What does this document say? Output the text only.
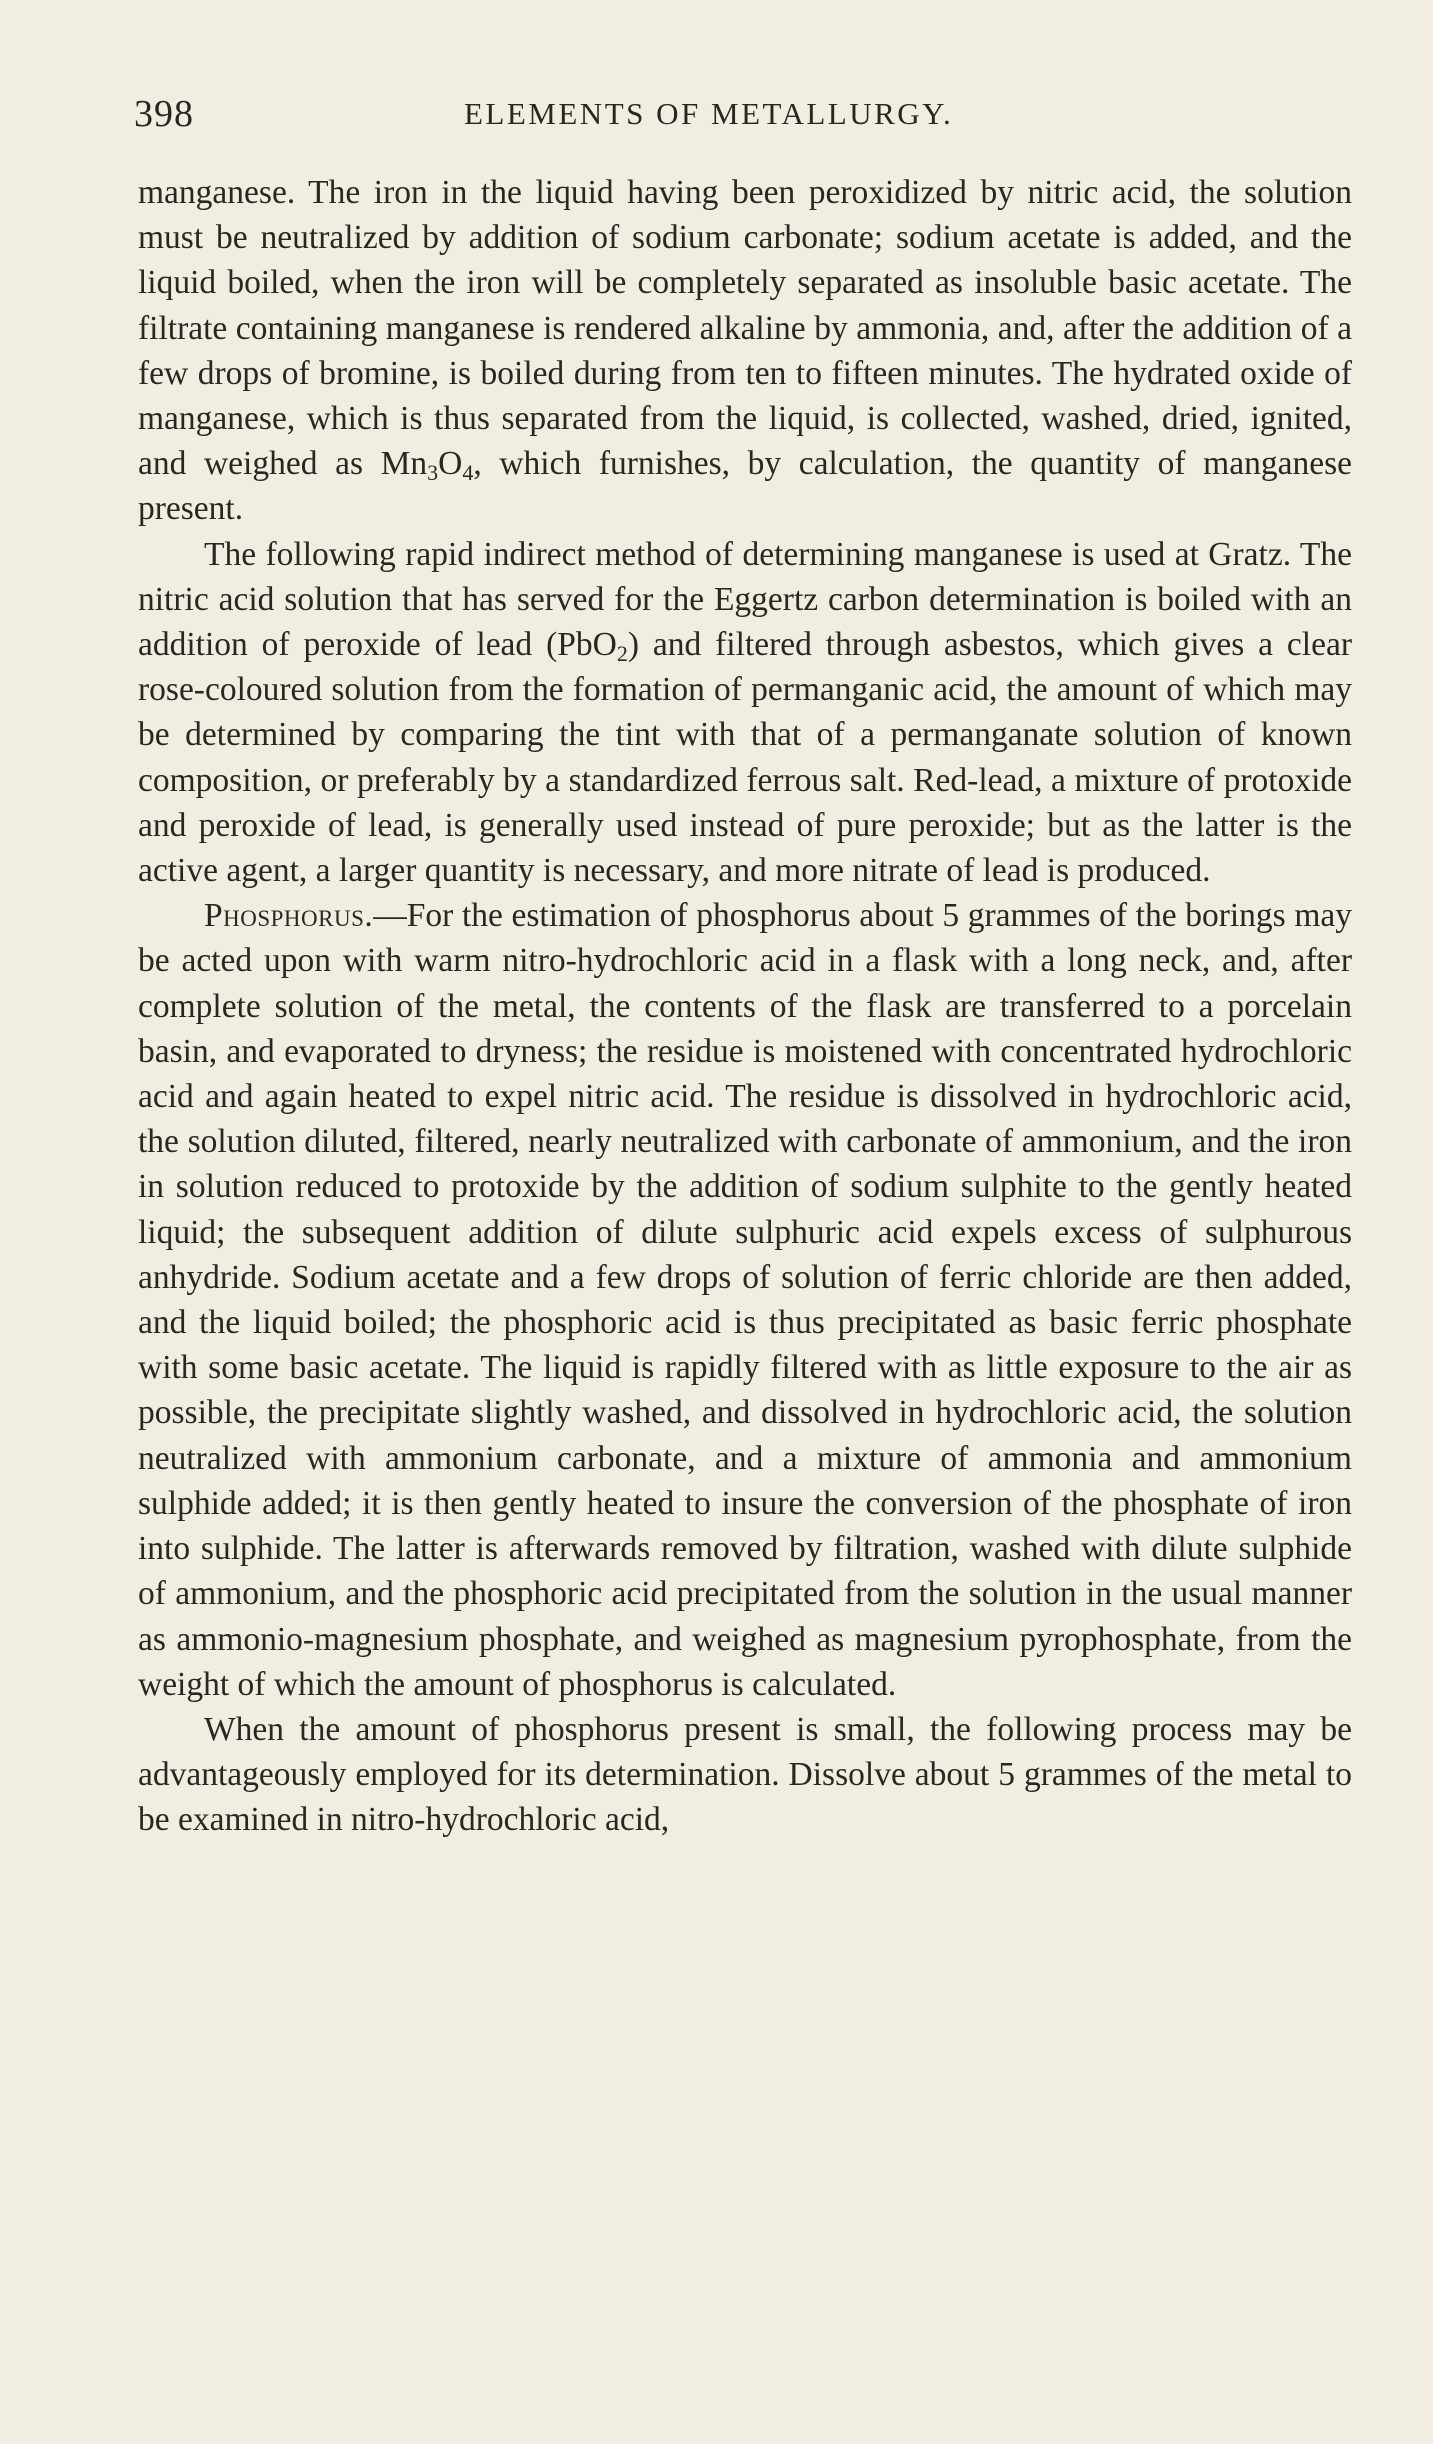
398	ELEMENTS OF METALLURGY.

manganese. The iron in the liquid having been peroxidized by nitric acid, the solution must be neutralized by addition of sodium carbonate; sodium acetate is added, and the liquid boiled, when the iron will be completely separated as insoluble basic acetate. The filtrate containing manganese is rendered alkaline by ammonia, and, after the addition of a few drops of bromine, is boiled during from ten to fifteen minutes. The hydrated oxide of manganese, which is thus separated from the liquid, is collected, washed, dried, ignited, and weighed as $Mn_3O_4$, which furnishes, by calculation, the quantity of manganese present.

The following rapid indirect method of determining manganese is used at Gratz. The nitric acid solution that has served for the Eggertz carbon determination is boiled with an addition of peroxide of lead (PbO$_2$) and filtered through asbestos, which gives a clear rose-coloured solution from the formation of permanganic acid, the amount of which may be determined by comparing the tint with that of a permanganate solution of known composition, or preferably by a standardized ferrous salt. Red-lead, a mixture of protoxide and peroxide of lead, is generally used instead of pure peroxide; but as the latter is the active agent, a larger quantity is necessary, and more nitrate of lead is produced.

Phosphorus.—For the estimation of phosphorus about 5 grammes of the borings may be acted upon with warm nitro-hydrochloric acid in a flask with a long neck, and, after complete solution of the metal, the contents of the flask are transferred to a porcelain basin, and evaporated to dryness; the residue is moistened with concentrated hydrochloric acid and again heated to expel nitric acid. The residue is dissolved in hydrochloric acid, the solution diluted, filtered, nearly neutralized with carbonate of ammonium, and the iron in solution reduced to protoxide by the addition of sodium sulphite to the gently heated liquid; the subsequent addition of dilute sulphuric acid expels excess of sulphurous anhydride. Sodium acetate and a few drops of solution of ferric chloride are then added, and the liquid boiled; the phosphoric acid is thus precipitated as basic ferric phosphate with some basic acetate. The liquid is rapidly filtered with as little exposure to the air as possible, the precipitate slightly washed, and dissolved in hydrochloric acid, the solution neutralized with ammonium carbonate, and a mixture of ammonia and ammonium sulphide added; it is then gently heated to insure the conversion of the phosphate of iron into sulphide. The latter is afterwards removed by filtration, washed with dilute sulphide of ammonium, and the phosphoric acid precipitated from the solution in the usual manner as ammonio-magnesium phosphate, and weighed as magnesium pyrophosphate, from the weight of which the amount of phosphorus is calculated.

When the amount of phosphorus present is small, the following process may be advantageously employed for its determination. Dissolve about 5 grammes of the metal to be examined in nitro-hydrochloric acid,
